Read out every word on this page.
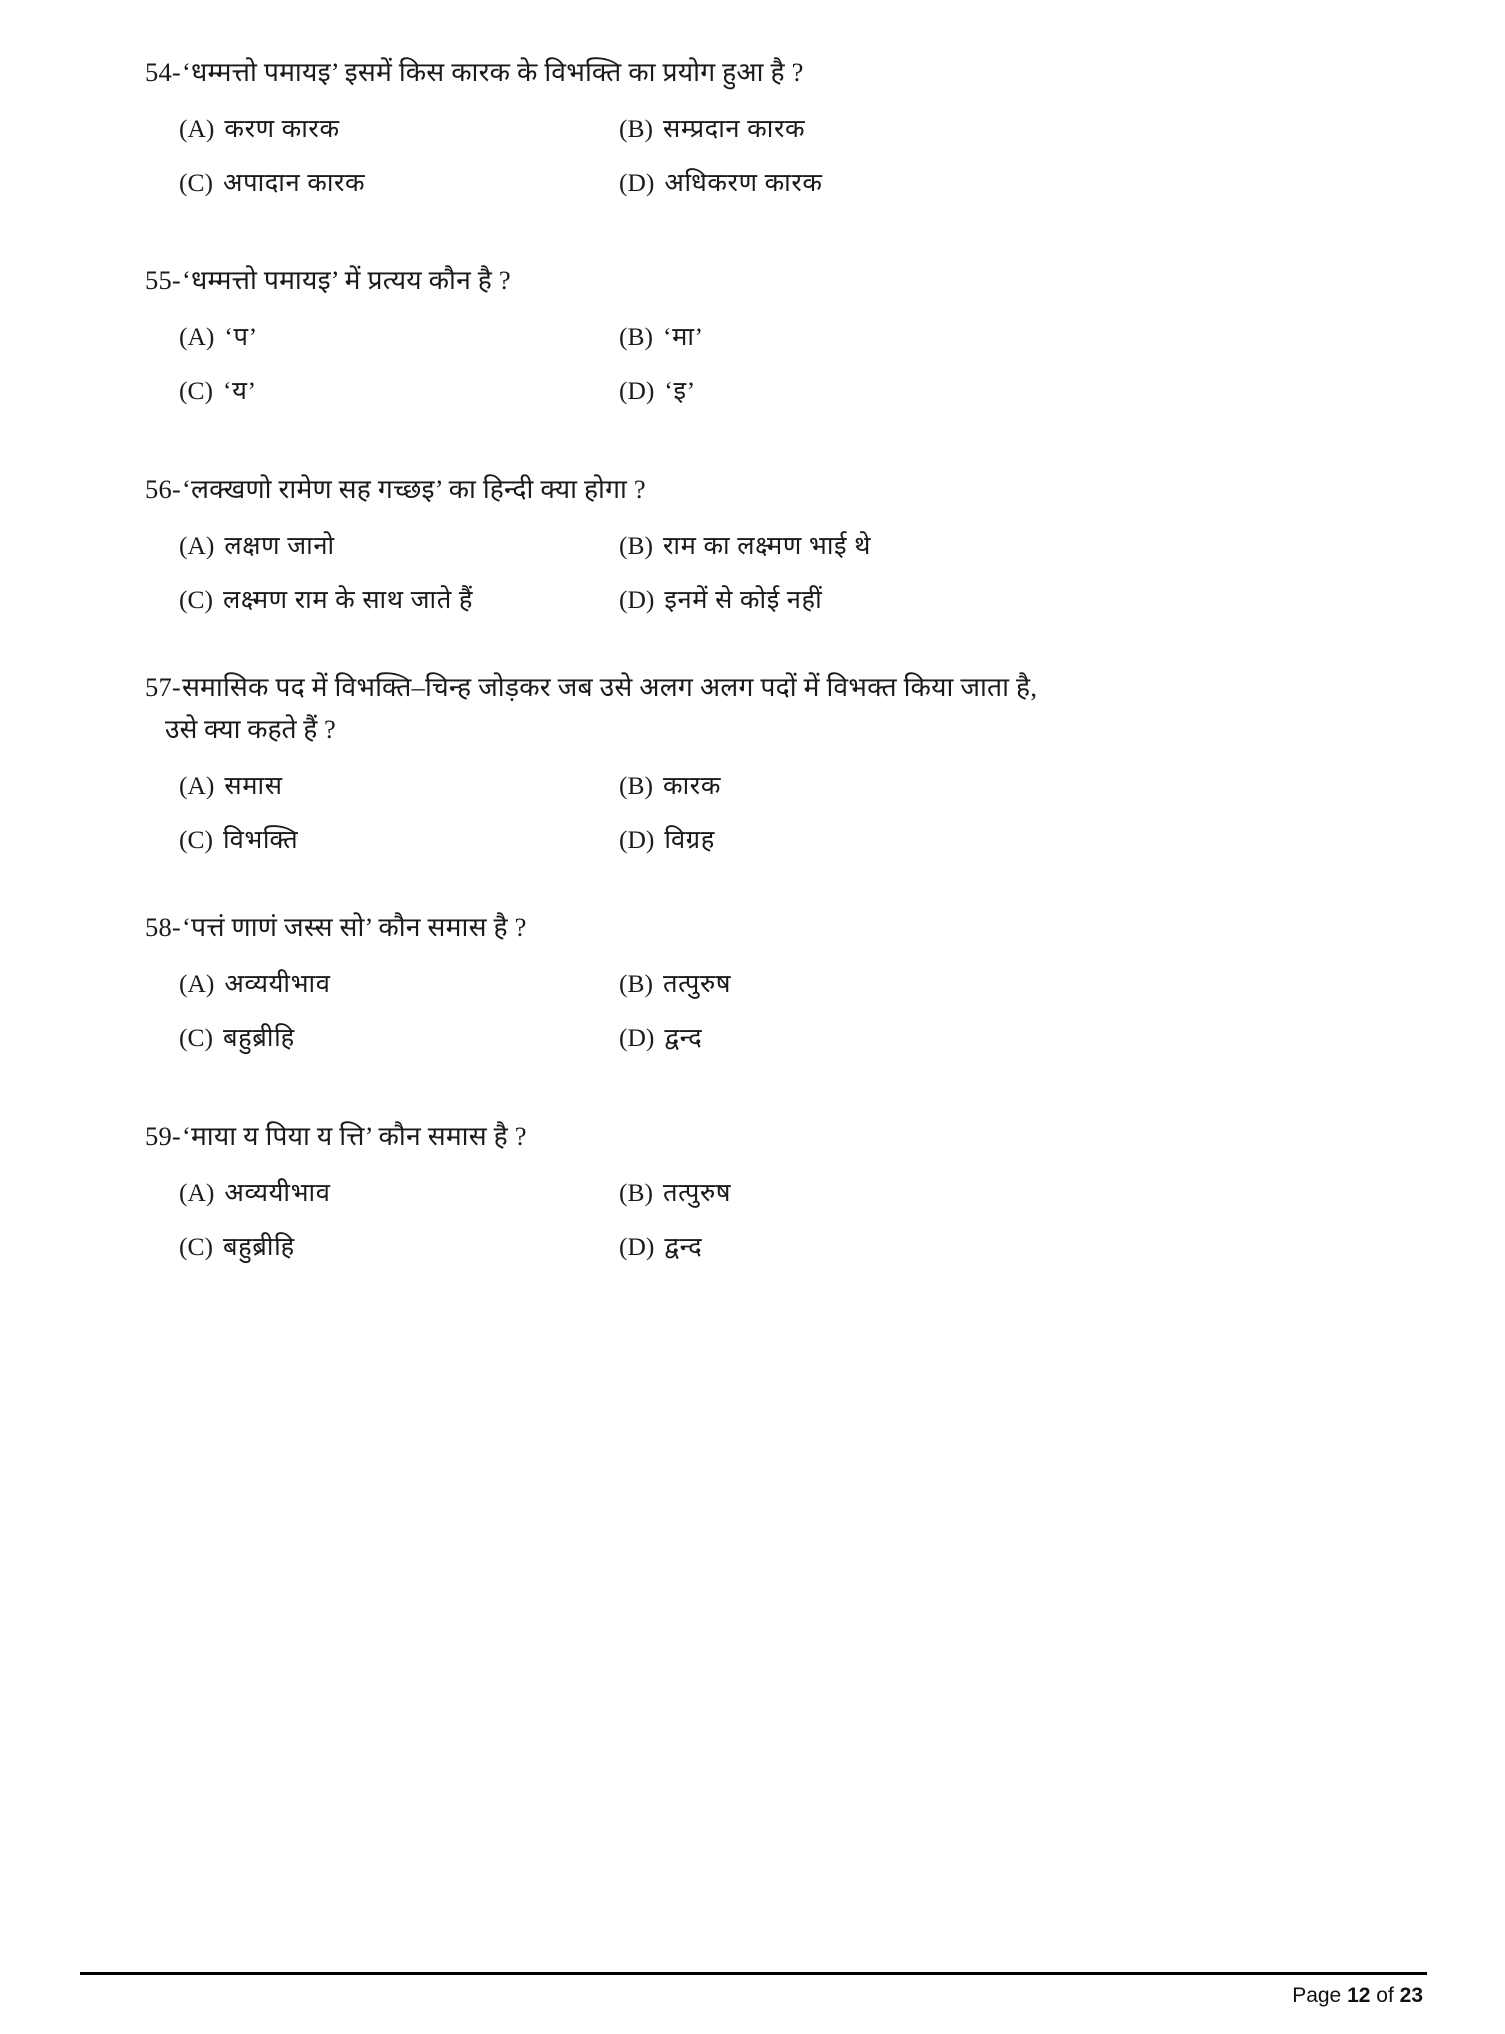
54- ‘धम्मत्तो पमायइ’ इसमें किस कारक के विभक्ति का प्रयोग हुआ है ?
(A) करण कारक	(B) सम्प्रदान कारक
(C) अपादान कारक	(D) अधिकरण कारक
55- ‘धम्मत्तो पमायइ’ में प्रत्यय कौन है ?
(A) ‘प’	(B) ‘मा’
(C) ‘य’	(D) ‘इ’
56- ‘लक्खणो रामेण सह गच्छइ’ का हिन्दी क्या होगा ?
(A) लक्षण जानो	(B) राम का लक्ष्मण भाई थे
(C) लक्ष्मण राम के साथ जाते हैं	(D) इनमें से कोई नहीं
57- समासिक पद में विभक्ति–चिन्ह जोड़कर जब उसे अलग अलग पदों में विभक्त किया जाता है,
उसे क्या कहते हैं ?
(A) समास	(B) कारक
(C) विभक्ति	(D) विग्रह
58- ‘पत्तं णाणं जस्स सो’ कौन समास है ?
(A) अव्ययीभाव	(B) तत्पुरुष
(C) बहुब्रीहि	(D) द्वन्द
59- ‘माया य पिया य त्ति’ कौन समास है ?
(A) अव्ययीभाव	(B) तत्पुरुष
(C) बहुब्रीहि	(D) द्वन्द
Page 12 of 23
